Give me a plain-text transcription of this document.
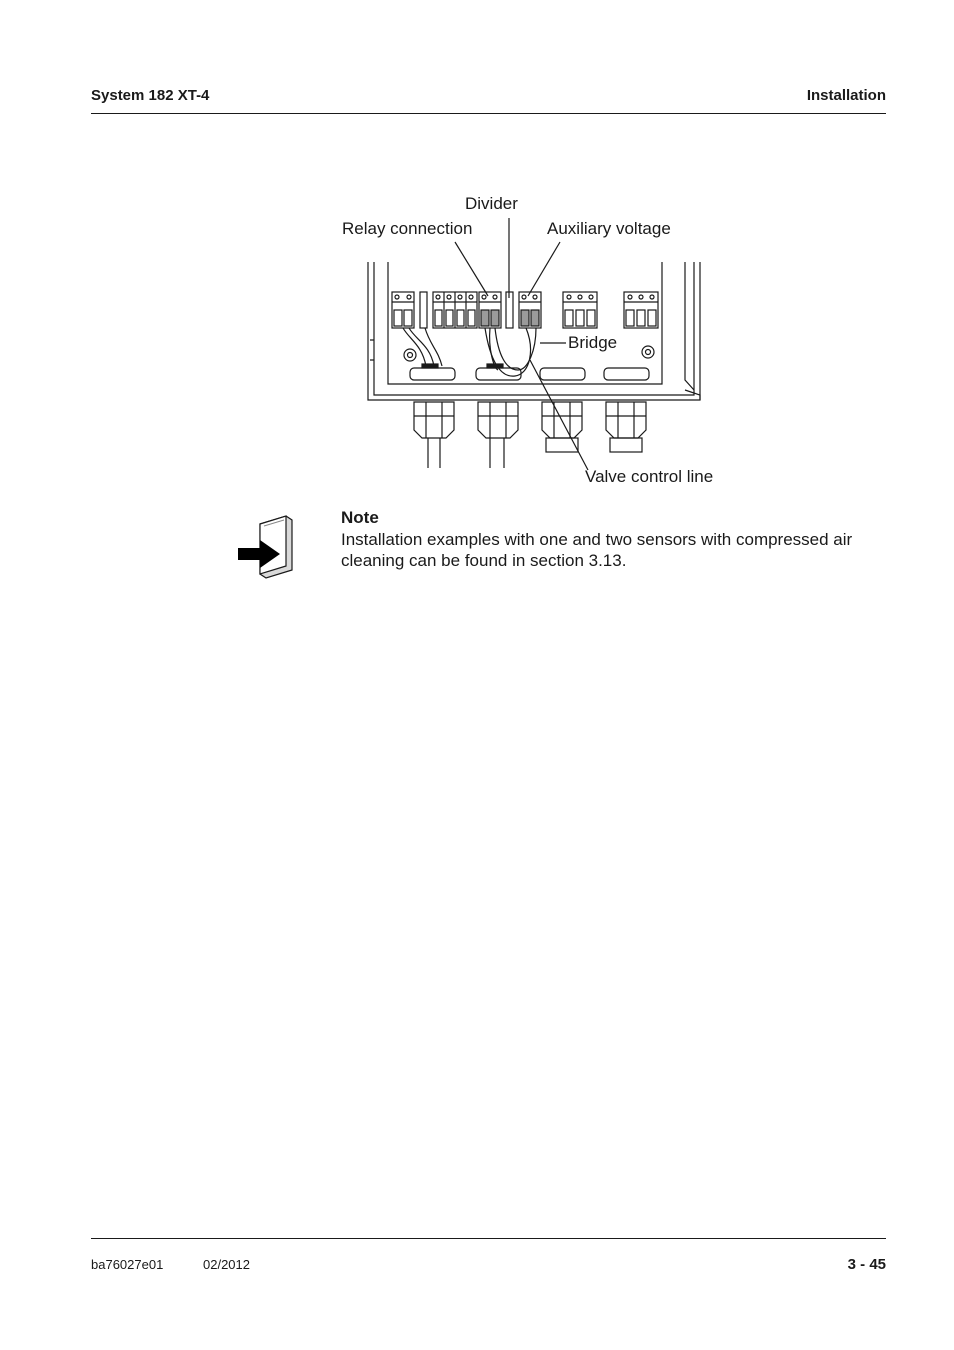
System 182 XT-4	Installation
Divider
Relay connection	Auxiliary voltage
Bridge
Valve control line
Note
Installation examples with one and two sensors with compressed air cleaning can be found in section 3.13.
ba76027e01	02/2012	3 - 45
